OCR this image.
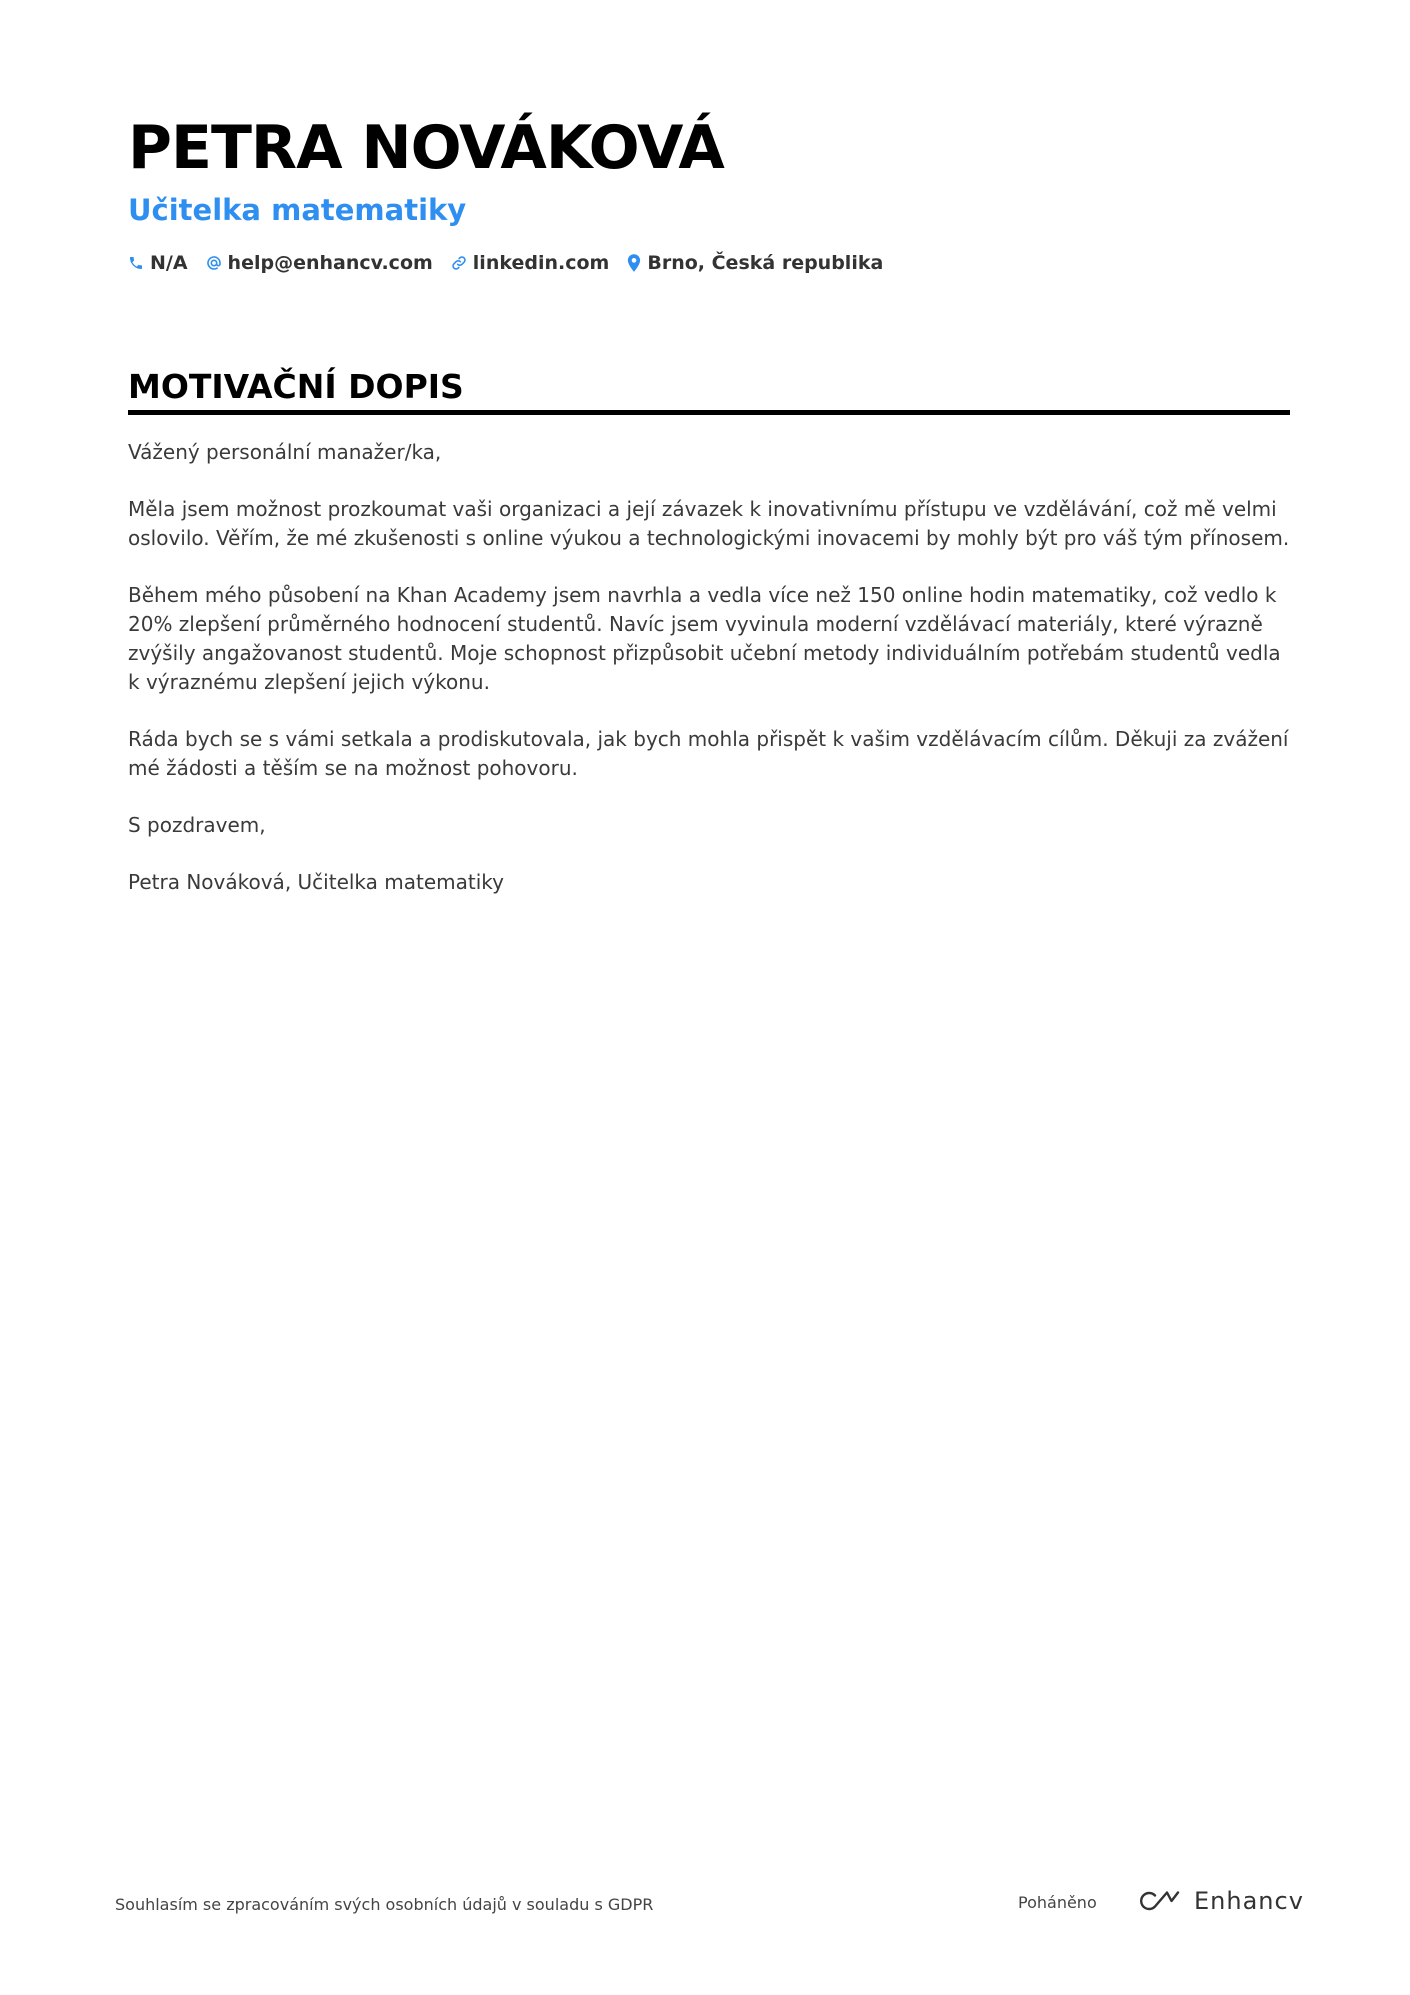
PETRA NOVÁKOVÁ
Učitelka matematiky
N/A help@enhancv.com linkedin.com Brno, Česká republika
MOTIVAČNÍ DOPIS

Vážený personální manažer/ka,

Měla jsem možnost prozkoumat vaši organizaci a její závazek k inovativnímu přístupu ve vzdělávání, což mě velmi oslovilo. Věřím, že mé zkušenosti s online výukou a technologickými inovacemi by mohly být pro váš tým přínosem.

Během mého působení na Khan Academy jsem navrhla a vedla více než 150 online hodin matematiky, což vedlo k 20% zlepšení průměrného hodnocení studentů. Navíc jsem vyvinula moderní vzdělávací materiály, které výrazně zvýšily angažovanost studentů. Moje schopnost přizpůsobit učební metody individuálním potřebám studentů vedla k výraznému zlepšení jejich výkonu.

Ráda bych se s vámi setkala a prodiskutovala, jak bych mohla přispět k vašim vzdělávacím cílům. Děkuji za zvážení mé žádosti a těším se na možnost pohovoru.

S pozdravem,

Petra Nováková, Učitelka matematiky

Souhlasím se zpracováním svých osobních údajů v souladu s GDPR	Poháněno	Enhancv
